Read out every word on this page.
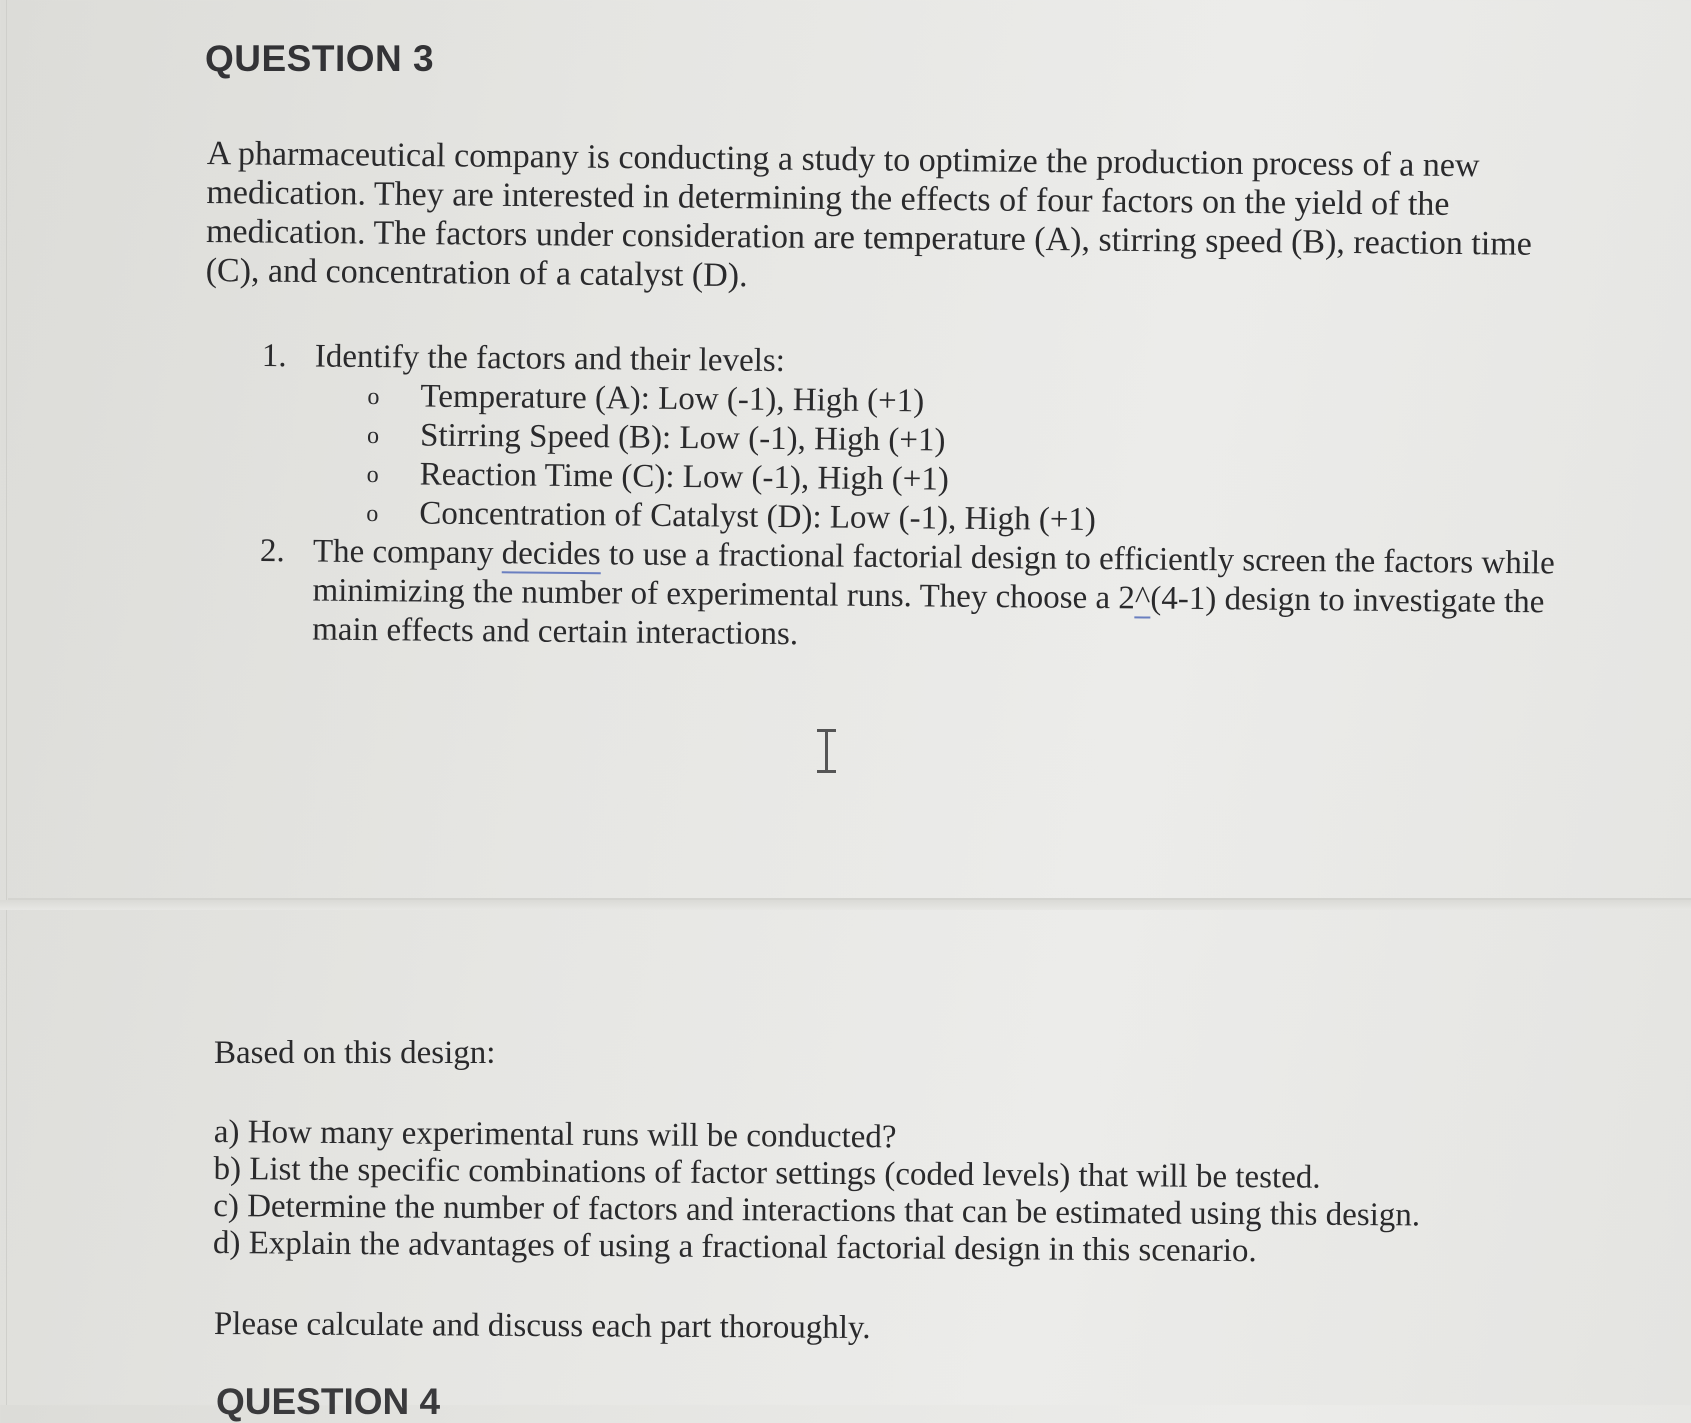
QUESTION 3

A pharmaceutical company is conducting a study to optimize the production process of a new medication. They are interested in determining the effects of four factors on the yield of the medication. The factors under consideration are temperature (A), stirring speed (B), reaction time (C), and concentration of a catalyst (D).

1. Identify the factors and their levels:
o Temperature (A): Low (-1), High (+1)
o Stirring Speed (B): Low (-1), High (+1)
o Reaction Time (C): Low (-1), High (+1)
o Concentration of Catalyst (D): Low (-1), High (+1)
2. The company decides to use a fractional factorial design to efficiently screen the factors while minimizing the number of experimental runs. They choose a 2^(4-1) design to investigate the main effects and certain interactions.

Based on this design:

a) How many experimental runs will be conducted?
b) List the specific combinations of factor settings (coded levels) that will be tested.
c) Determine the number of factors and interactions that can be estimated using this design.
d) Explain the advantages of using a fractional factorial design in this scenario.

Please calculate and discuss each part thoroughly.

QUESTION 4
